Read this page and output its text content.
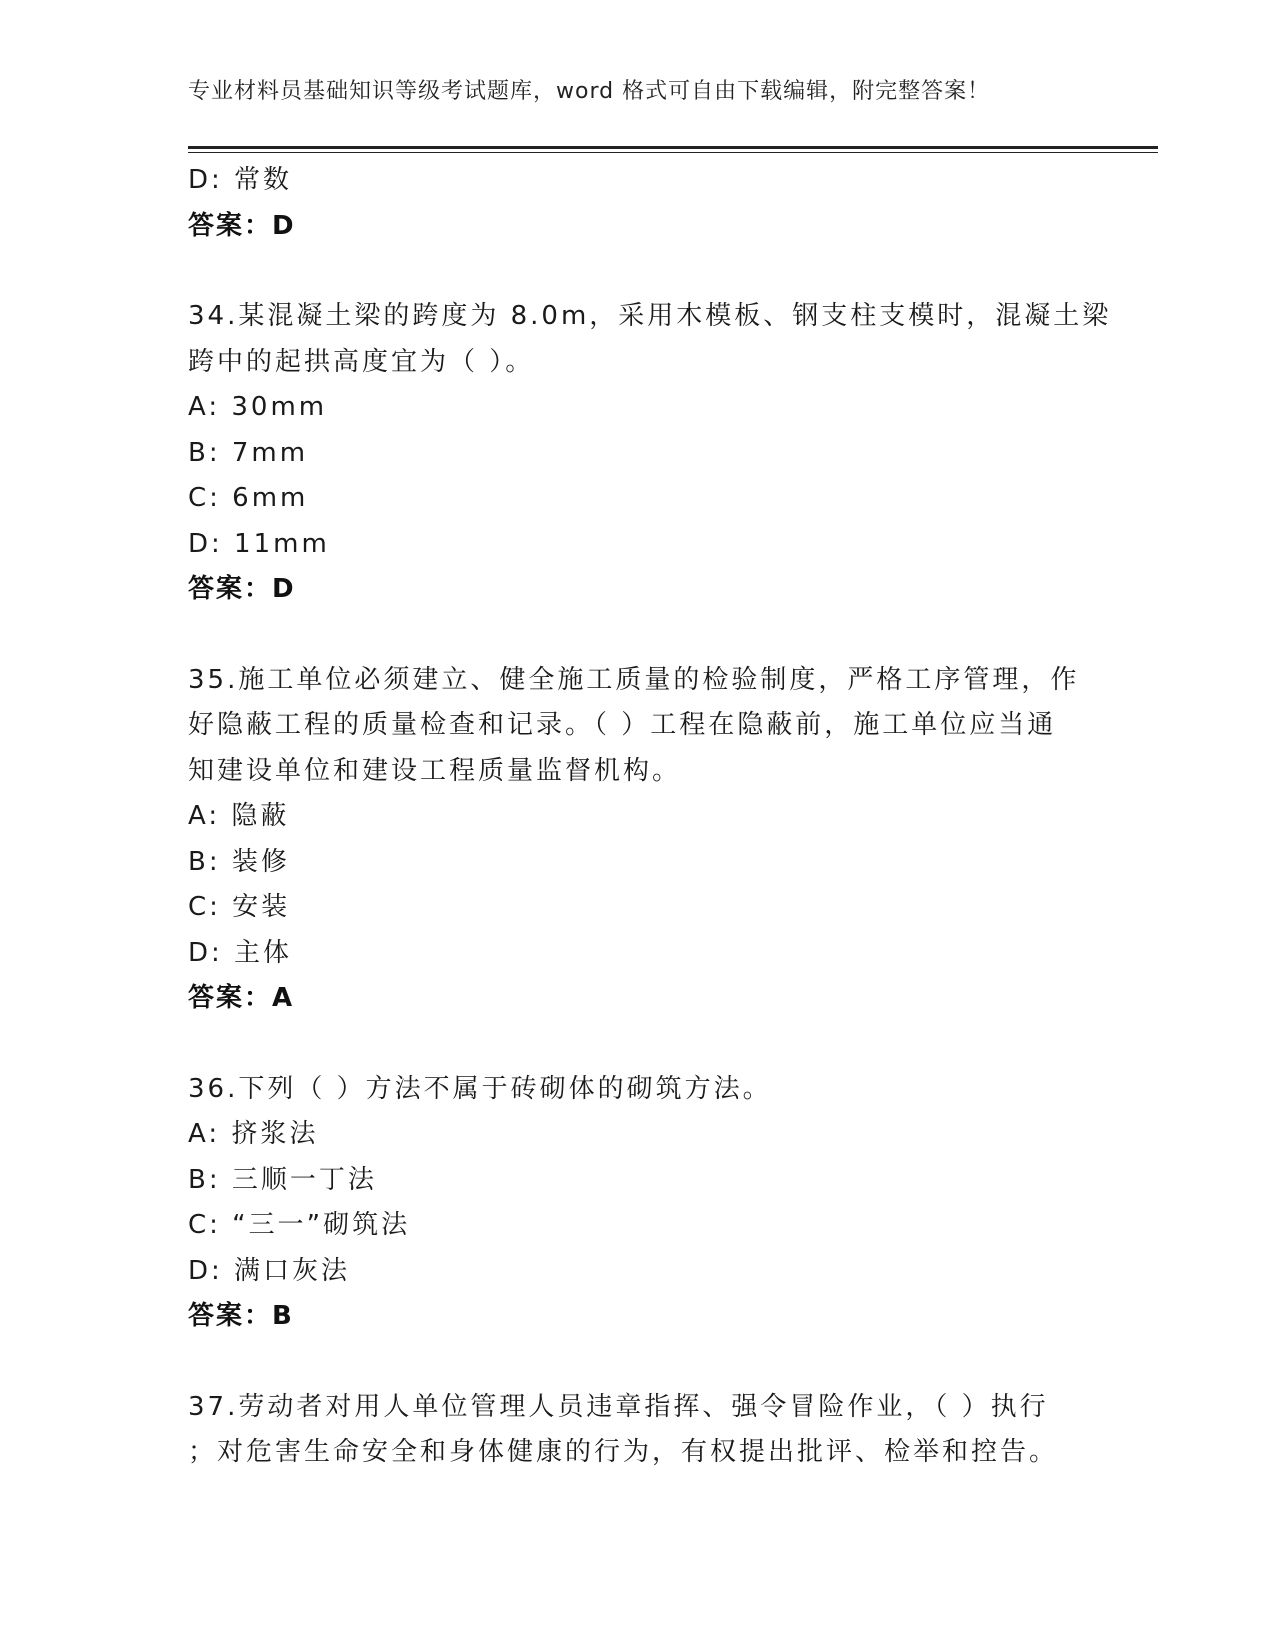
专业材料员基础知识等级考试题库，word 格式可自由下载编辑，附完整答案！
D: 常数
答案：D
34.某混凝土梁的跨度为 8.0m，采用木模板、钢支柱支模时，混凝土梁
跨中的起拱高度宜为（ ）。
A: 30mm
B: 7mm
C: 6mm
D: 11mm
答案：D
35.施工单位必须建立、健全施工质量的检验制度，严格工序管理，作
好隐蔽工程的质量检查和记录。（ ）工程在隐蔽前，施工单位应当通
知建设单位和建设工程质量监督机构。
A: 隐蔽
B: 装修
C: 安装
D: 主体
答案：A
36.下列（ ）方法不属于砖砌体的砌筑方法。
A: 挤浆法
B: 三顺一丁法
C: “三一”砌筑法
D: 满口灰法
答案：B
37.劳动者对用人单位管理人员违章指挥、强令冒险作业，（ ）执行
；对危害生命安全和身体健康的行为，有权提出批评、检举和控告。
